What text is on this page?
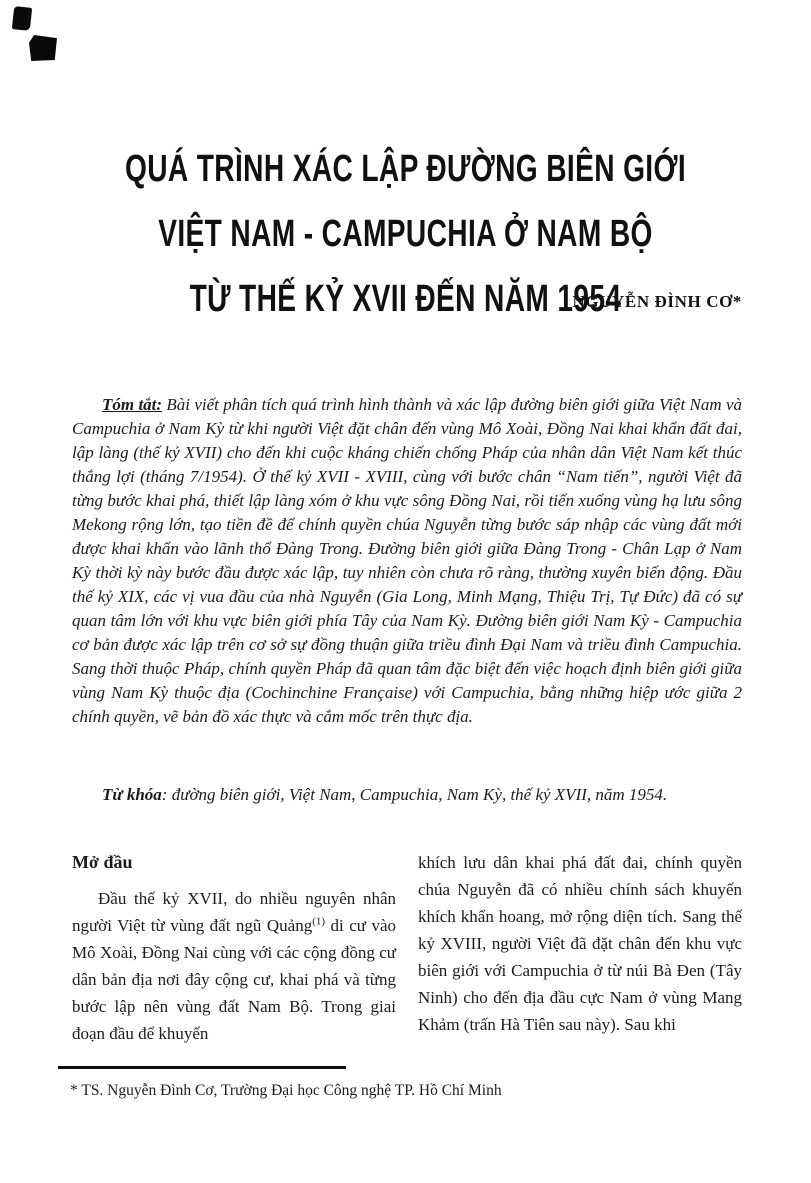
QUÁ TRÌNH XÁC LẬP ĐƯỜNG BIÊN GIỚI
VIỆT NAM - CAMPUCHIA Ở NAM BỘ
TỪ THẾ KỶ XVII ĐẾN NĂM 1954
NGUYỄN ĐÌNH CƠ*

Tóm tắt: Bài viết phân tích quá trình hình thành và xác lập đường biên giới giữa Việt Nam và Campuchia ở Nam Kỳ từ khi người Việt đặt chân đến vùng Mô Xoài, Đồng Nai khai khẩn đất đai, lập làng (thế kỷ XVII) cho đến khi cuộc kháng chiến chống Pháp của nhân dân Việt Nam kết thúc thắng lợi (tháng 7/1954). Ở thế kỷ XVII - XVIII, cùng với bước chân “Nam tiến”, người Việt đã từng bước khai phá, thiết lập làng xóm ở khu vực sông Đồng Nai, rồi tiến xuống vùng hạ lưu sông Mekong rộng lớn, tạo tiền đề để chính quyền chúa Nguyễn từng bước sáp nhập các vùng đất mới được khai khẩn vào lãnh thổ Đàng Trong. Đường biên giới giữa Đàng Trong - Chân Lạp ở Nam Kỳ thời kỳ này bước đầu được xác lập, tuy nhiên còn chưa rõ ràng, thường xuyên biến động. Đầu thế kỷ XIX, các vị vua đầu của nhà Nguyễn (Gia Long, Minh Mạng, Thiệu Trị, Tự Đức) đã có sự quan tâm lớn với khu vực biên giới phía Tây của Nam Kỳ. Đường biên giới Nam Kỳ - Campuchia cơ bản được xác lập trên cơ sở sự đồng thuận giữa triều đình Đại Nam và triều đình Campuchia. Sang thời thuộc Pháp, chính quyền Pháp đã quan tâm đặc biệt đến việc hoạch định biên giới giữa vùng Nam Kỳ thuộc địa (Cochinchine Française) với Campuchia, bằng những hiệp ước giữa 2 chính quyền, vẽ bản đồ xác thực và cắm mốc trên thực địa.

Từ khóa: đường biên giới, Việt Nam, Campuchia, Nam Kỳ, thế kỷ XVII, năm 1954.

Mở đầu

Đầu thế kỷ XVII, do nhiều nguyên nhân người Việt từ vùng đất ngũ Quảng$^{(1)}$ di cư vào Mô Xoài, Đồng Nai cùng với các cộng đồng cư dân bản địa nơi đây cộng cư, khai phá và từng bước lập nên vùng đất Nam Bộ. Trong giai đoạn đầu để khuyến

khích lưu dân khai phá đất đai, chính quyền chúa Nguyễn đã có nhiều chính sách khuyến khích khẩn hoang, mở rộng diện tích. Sang thế kỷ XVIII, người Việt đã đặt chân đến khu vực biên giới với Campuchia ở từ núi Bà Đen (Tây Ninh) cho đến địa đầu cực Nam ở vùng Mang Khảm (trấn Hà Tiên sau này). Sau khi

* TS. Nguyễn Đình Cơ, Trường Đại học Công nghệ TP. Hồ Chí Minh
